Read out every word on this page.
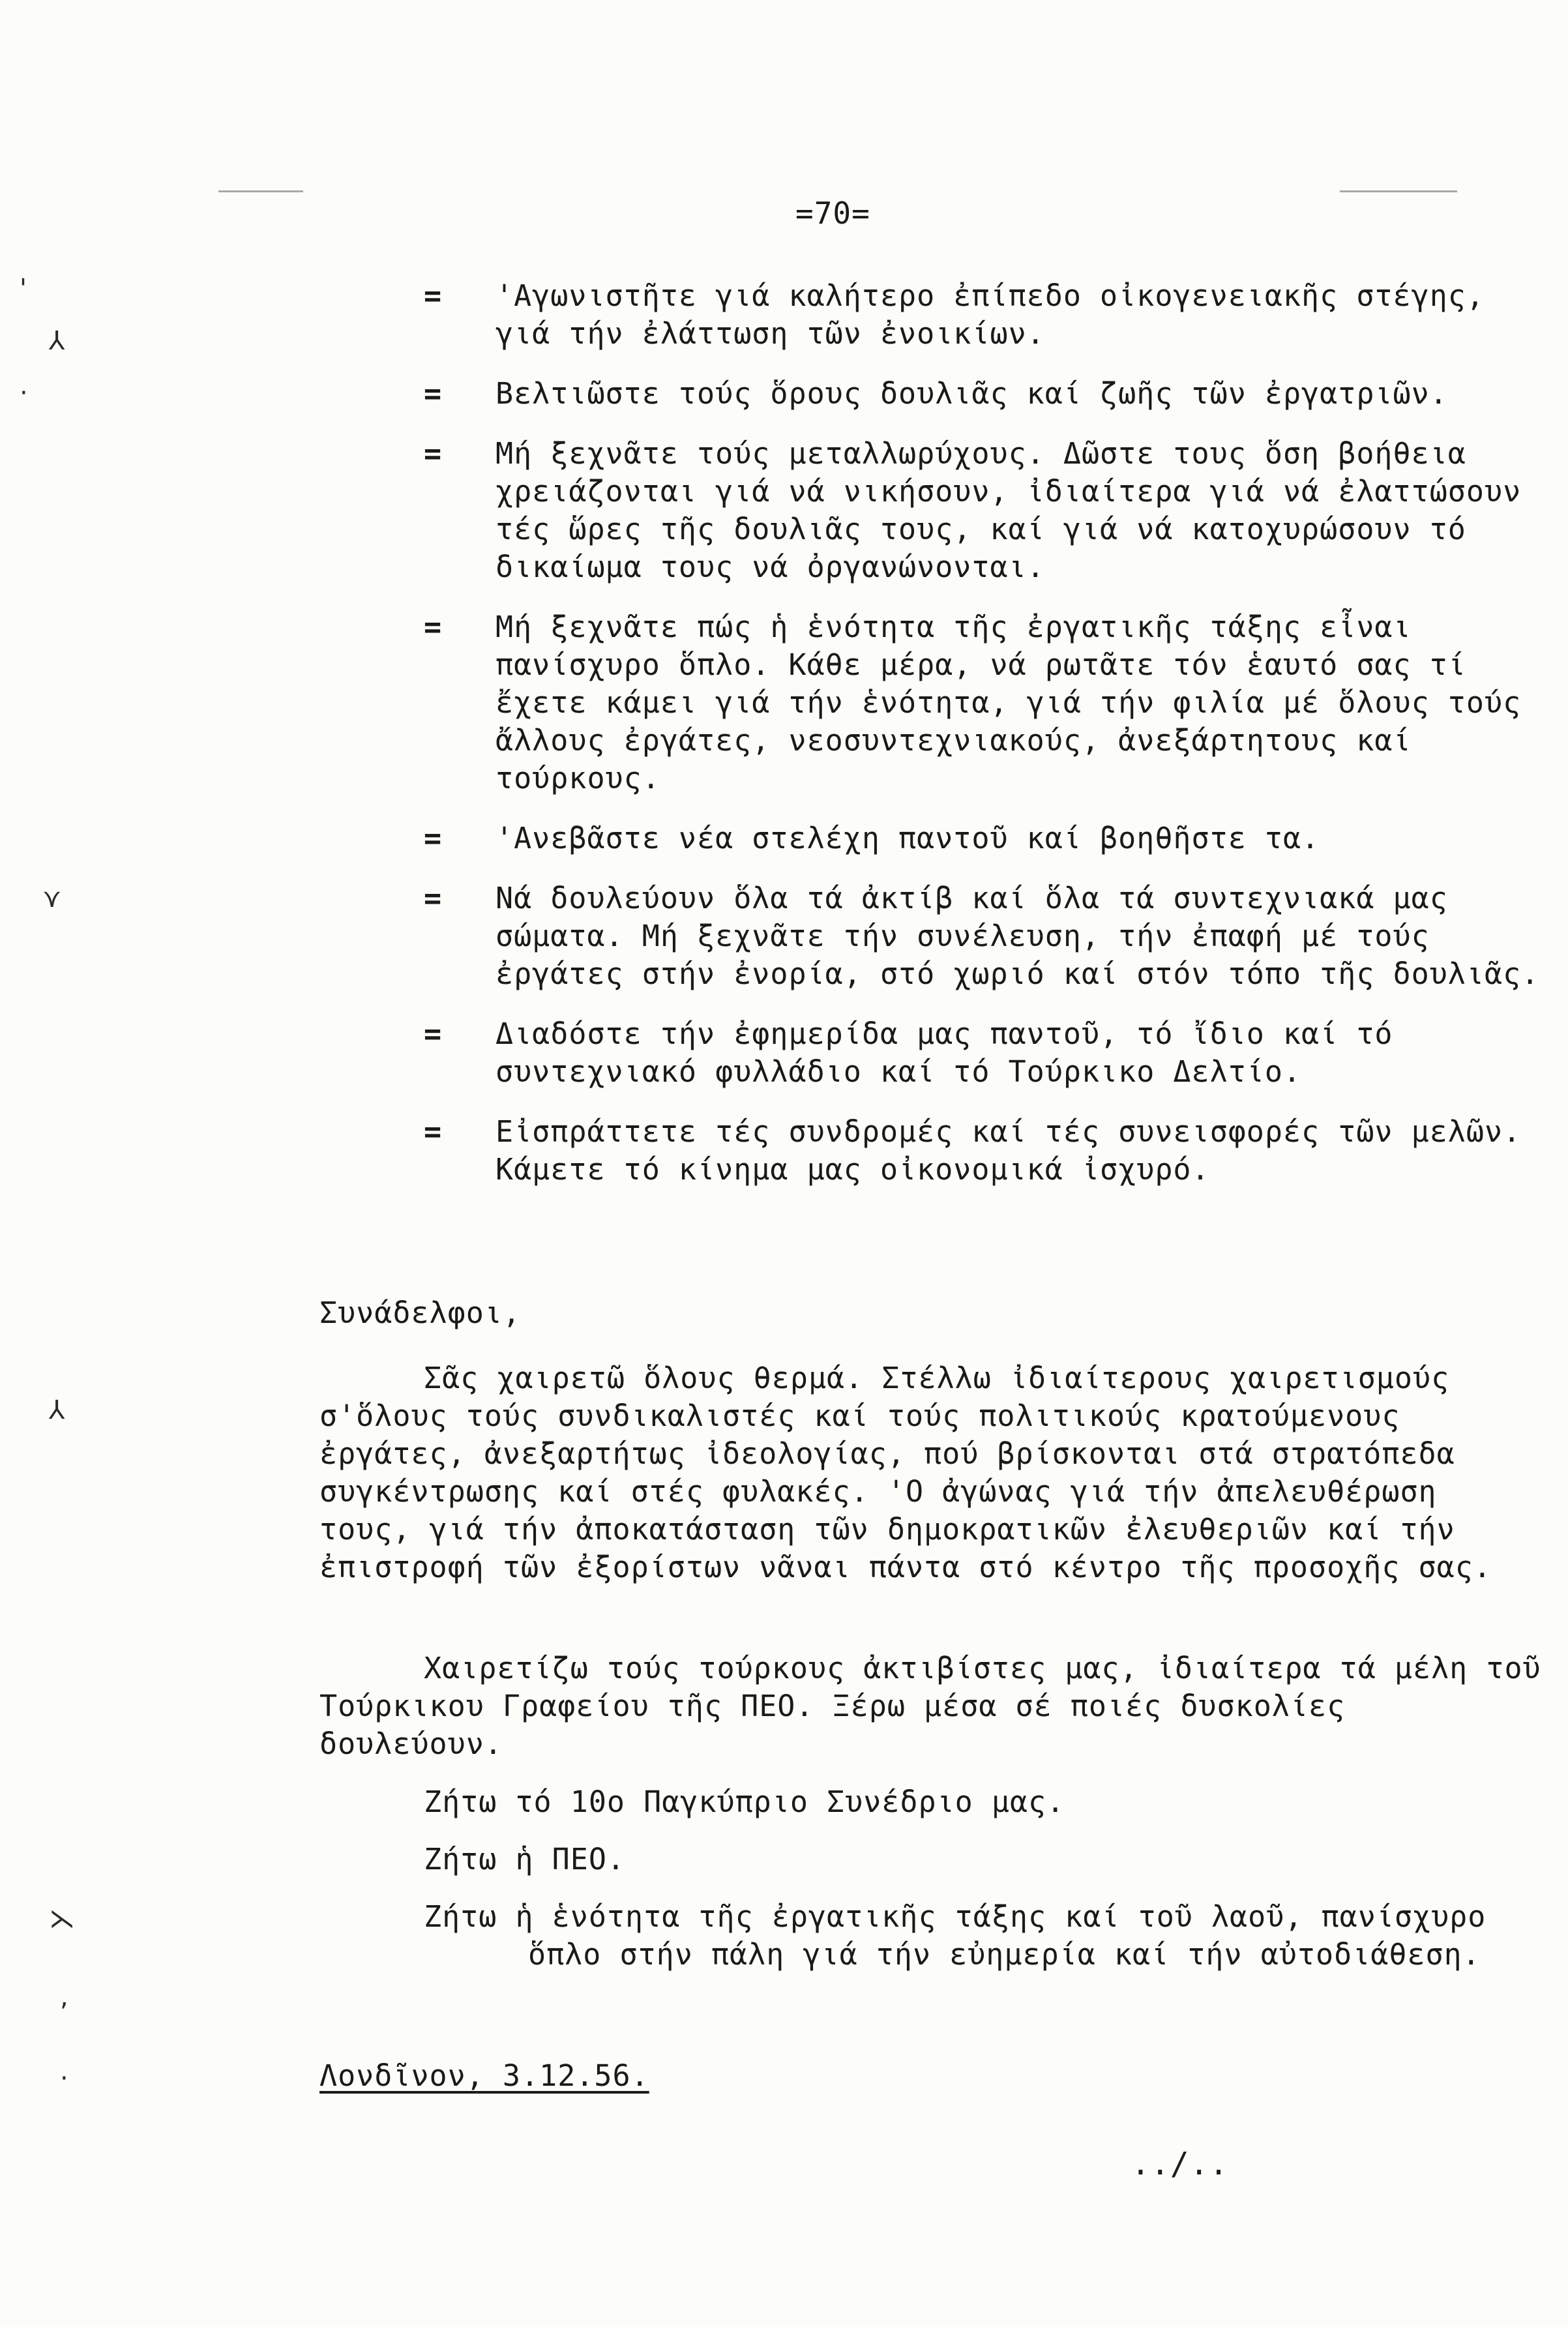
'
⅄
·
⋎
⅄
⋋
,
·
=70=
= 'Αγωνιστῆτε γιά καλήτερο ἐπίπεδο οἰκογενειακῆς στέγης, γιά τήν ἐλάττωση τῶν ἐνοικίων.
= Βελτιῶστε τούς ὅρους δουλιᾶς καί ζωῆς τῶν ἐργατριῶν.
= Μή ξεχνᾶτε τούς μεταλλωρύχους. Δῶστε τους ὅση βοήθεια χρειάζονται γιά νά νικήσουν, ἰδιαίτερα γιά νά ἐλαττώσουν τές ὥρες τῆς δουλιᾶς τους, καί γιά νά κατοχυρώσουν τό δικαίωμα τους νά ὀργανώνονται.
= Μή ξεχνᾶτε πώς ἡ ἑνότητα τῆς ἐργατικῆς τάξης εἶναι πανίσχυρο ὅπλο. Κάθε μέρα, νά ρωτᾶτε τόν ἑαυτό σας τί ἔχετε κάμει γιά τήν ἑνότητα, γιά τήν φιλία μέ ὅλους τούς ἄλλους ἐργάτες, νεοσυντεχνιακούς, ἀνεξάρτητους καί τούρκους.
= 'Ανεβᾶστε νέα στελέχη παντοῦ καί βοηθῆστε τα.
= Νά δουλεύουν ὅλα τά ἀκτίβ καί ὅλα τά συντεχνιακά μας σώματα. Μή ξεχνᾶτε τήν συνέλευση, τήν ἐπαφή μέ τούς ἐργάτες στήν ἐνορία, στό χωριό καί στόν τόπο τῆς δουλιᾶς.
= Διαδόστε τήν ἐφημερίδα μας παντοῦ, τό ἴδιο καί τό συντεχνιακό φυλλάδιο καί τό Τούρκικο Δελτίο.
= Εἰσπράττετε τές συνδρομές καί τές συνεισφορές τῶν μελῶν. Κάμετε τό κίνημα μας οἰκονομικά ἰσχυρό.
Συνάδελφοι,
Σᾶς χαιρετῶ ὅλους θερμά. Στέλλω ἰδιαίτερους χαιρετισμούς σ'ὅλους τούς συνδικαλιστές καί τούς πολιτικούς κρατούμενους ἐργάτες, ἀνεξαρτήτως ἰδεολογίας, πού βρίσκονται στά στρατόπεδα συγκέντρωσης καί στές φυλακές. 'Ο ἀγώνας γιά τήν ἀπελευθέρωση τους, γιά τήν ἀποκατάσταση τῶν δημοκρατικῶν ἐλευθεριῶν καί τήν ἐπιστροφή τῶν ἐξορίστων νᾶναι πάντα στό κέντρο τῆς προσοχῆς σας.
Χαιρετίζω τούς τούρκους ἀκτιβίστες μας, ἰδιαίτερα τά μέλη τοῦ Τούρκικου Γραφείου τῆς ΠΕΟ. Ξέρω μέσα σέ ποιές δυσκολίες δουλεύουν.
Ζήτω τό 10ο Παγκύπριο Συνέδριο μας.
Ζήτω ἡ ΠΕΟ.
Ζήτω ἡ ἑνότητα τῆς ἐργατικῆς τάξης καί τοῦ λαοῦ, πανίσχυρο ὅπλο στήν πάλη γιά τήν εὐημερία καί τήν αὐτοδιάθεση.
Λονδῖνον, 3.12.56.
../..
